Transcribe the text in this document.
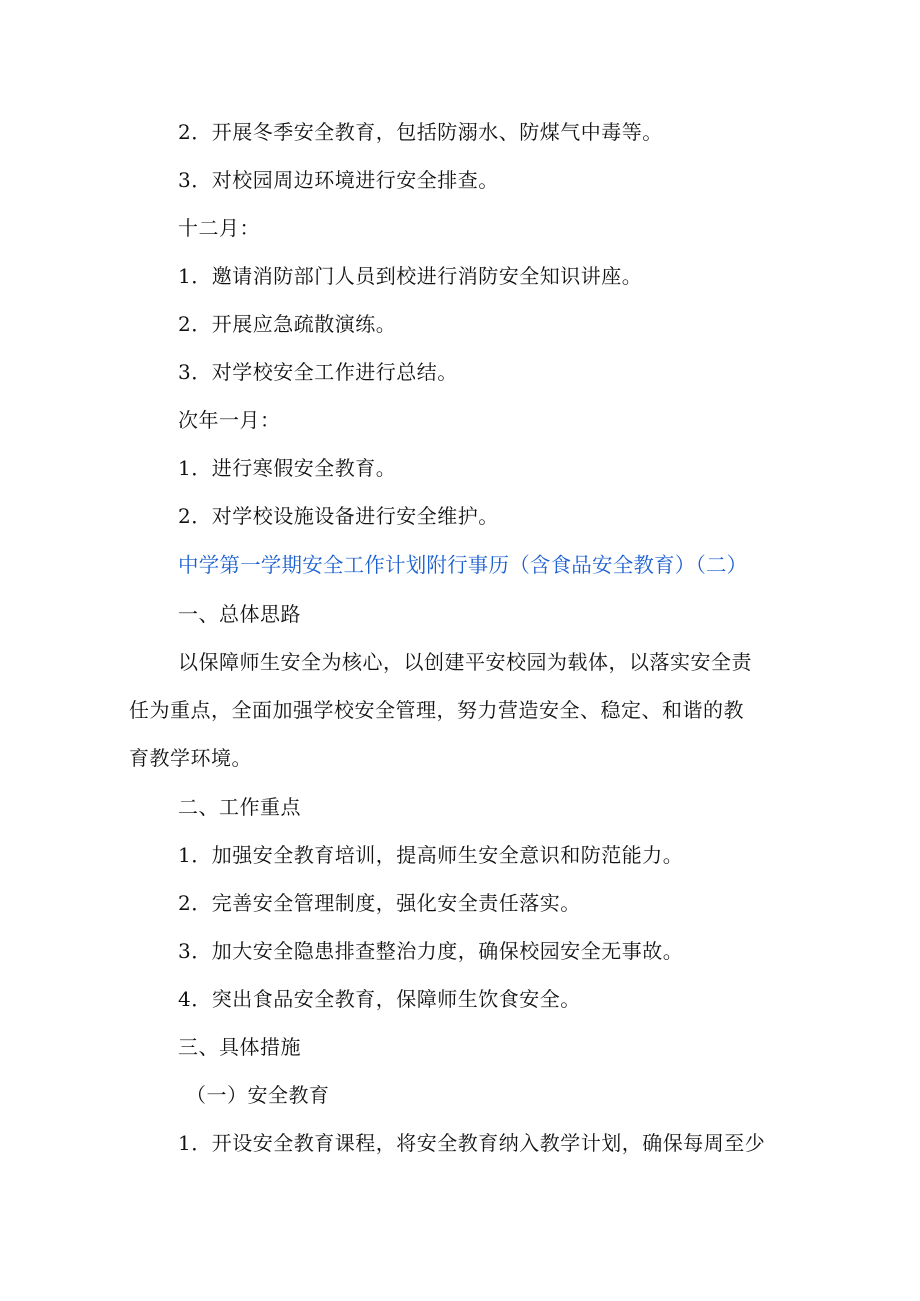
2．开展冬季安全教育，包括防溺水、防煤气中毒等。
3．对校园周边环境进行安全排查。
十二月：
1．邀请消防部门人员到校进行消防安全知识讲座。
2．开展应急疏散演练。
3．对学校安全工作进行总结。
次年一月：
1．进行寒假安全教育。
2．对学校设施设备进行安全维护。
中学第一学期安全工作计划附行事历（含食品安全教育）（二）
一、总体思路
以保障师生安全为核心，以创建平安校园为载体，以落实安全责
任为重点，全面加强学校安全管理，努力营造安全、稳定、和谐的教
育教学环境。
二、工作重点
1．加强安全教育培训，提高师生安全意识和防范能力。
2．完善安全管理制度，强化安全责任落实。
3．加大安全隐患排查整治力度，确保校园安全无事故。
4．突出食品安全教育，保障师生饮食安全。
三、具体措施
（一）安全教育
1．开设安全教育课程，将安全教育纳入教学计划，确保每周至少
